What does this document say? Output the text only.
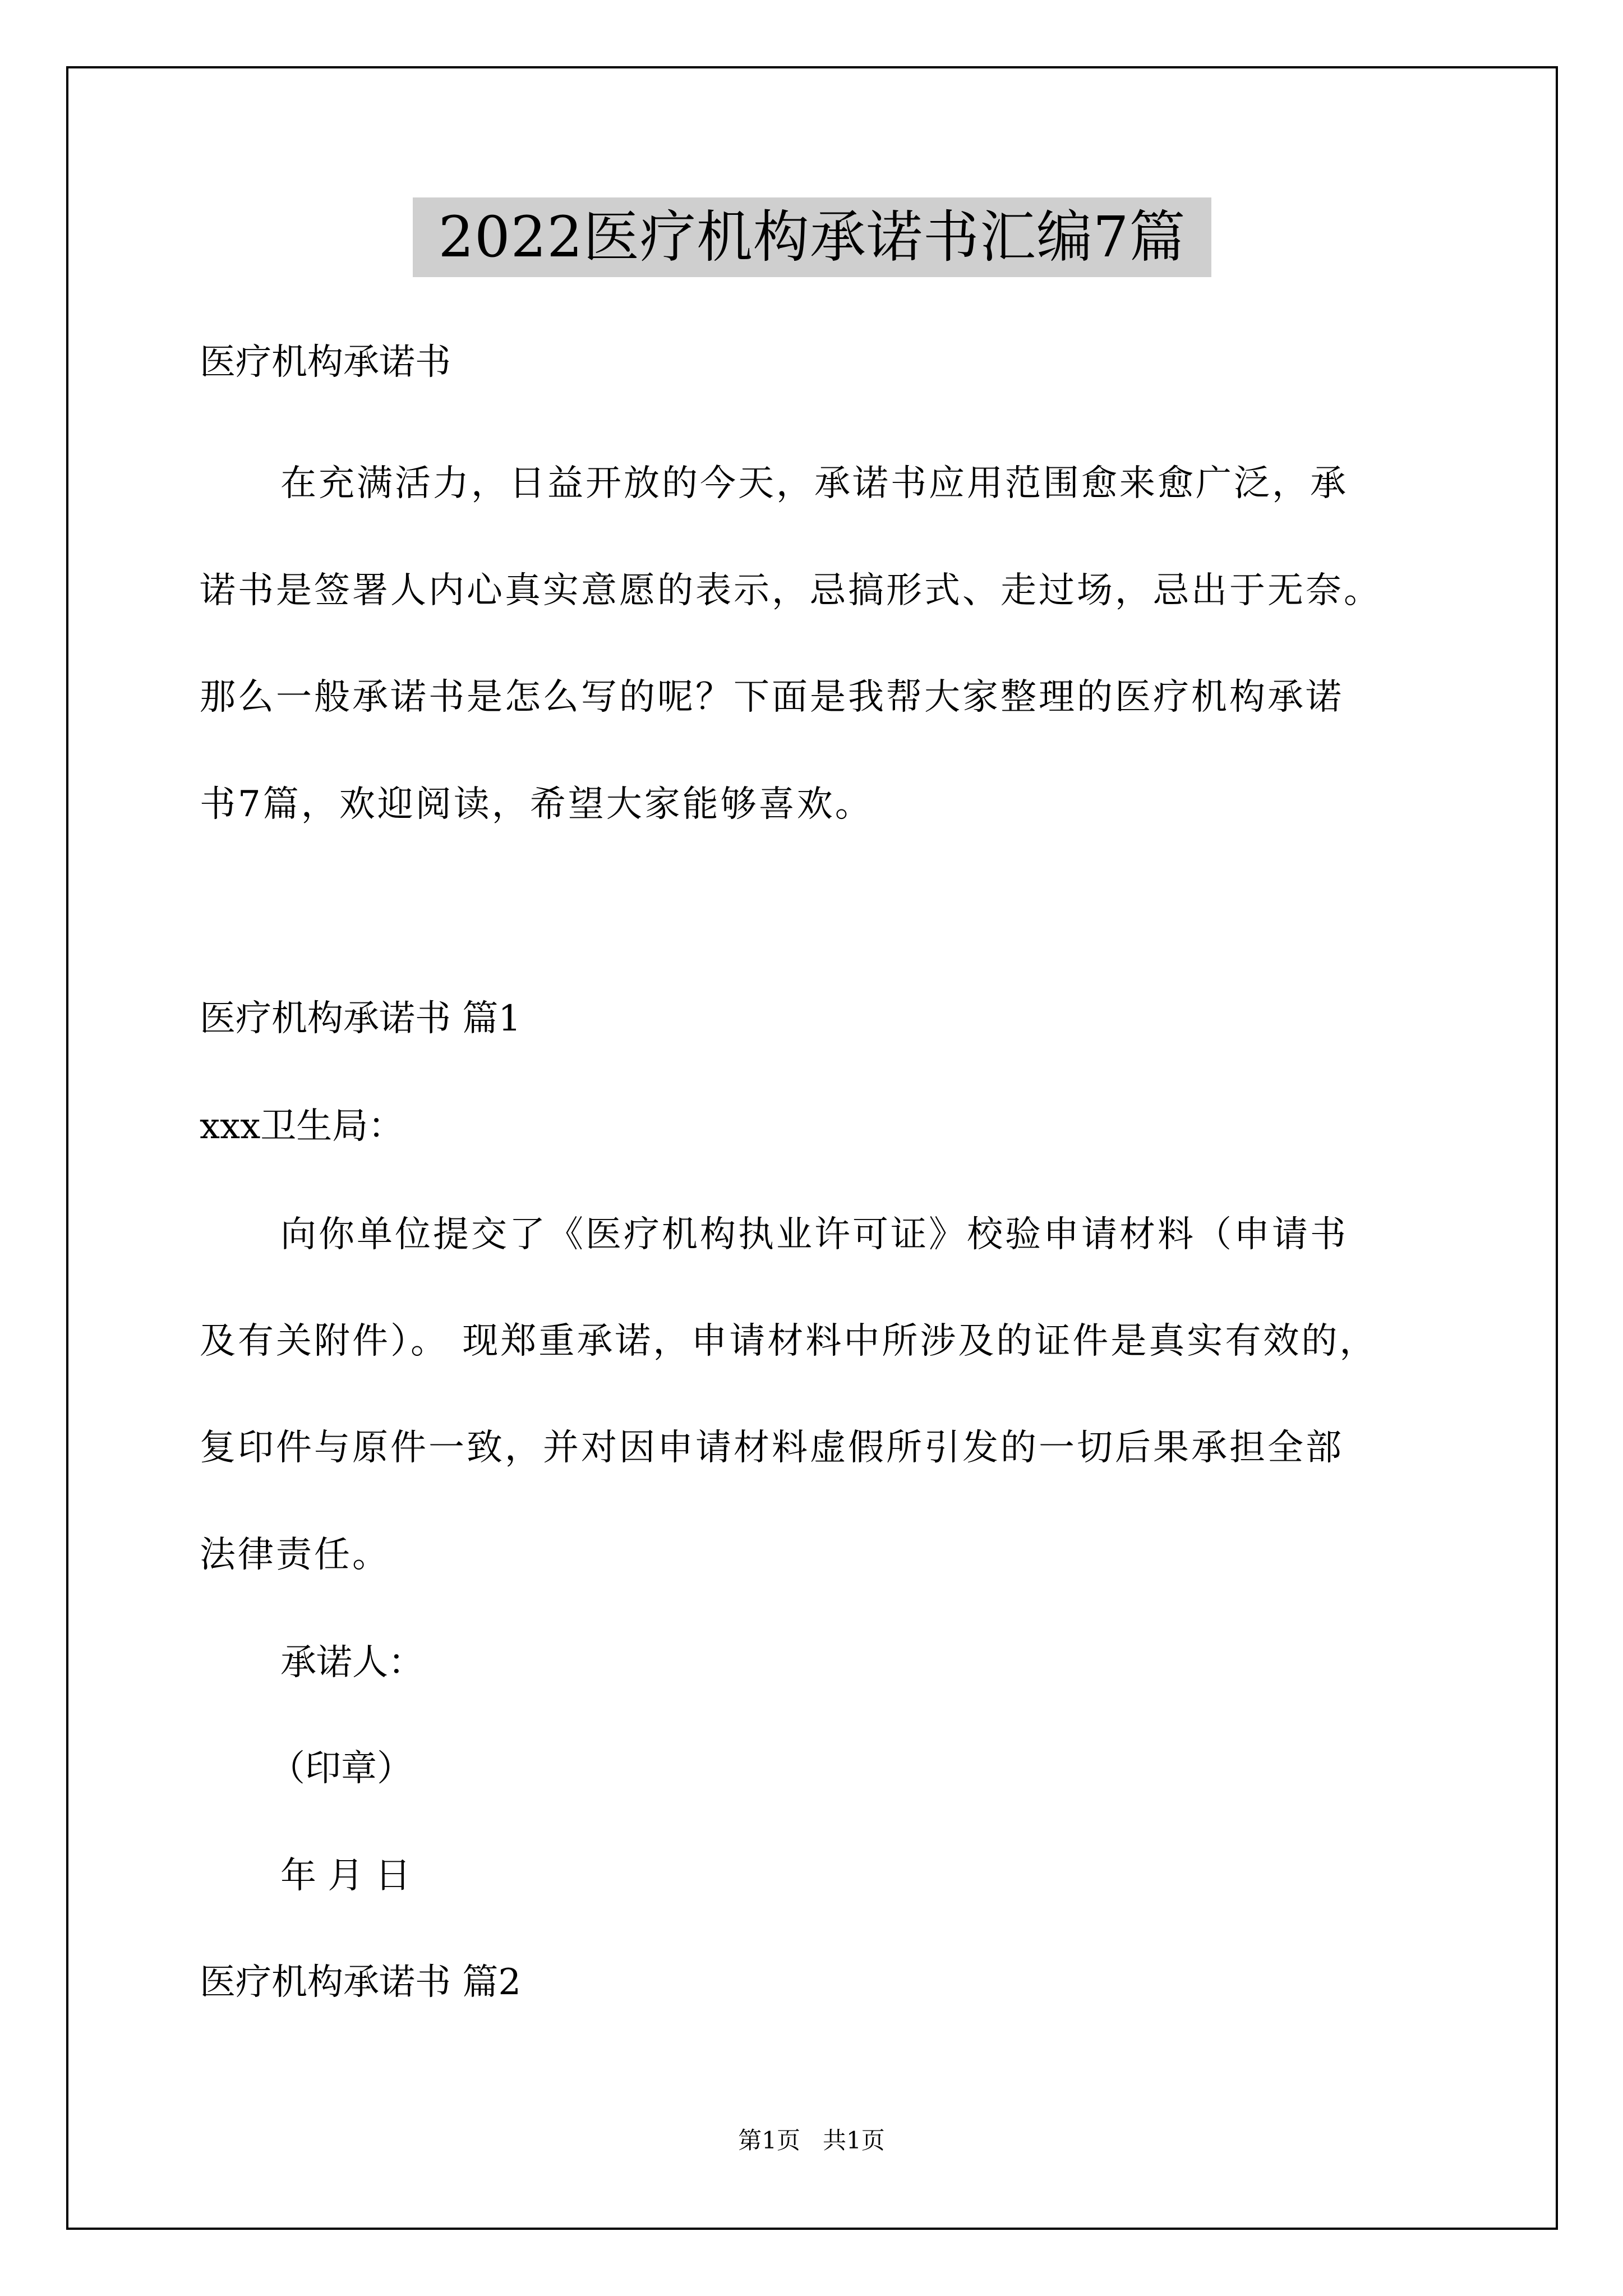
2022医疗机构承诺书汇编7篇
医疗机构承诺书
在充满活力，日益开放的今天，承诺书应用范围愈来愈广泛，承
诺书是签署人内心真实意愿的表示，忌搞形式、走过场，忌出于无奈。
那么一般承诺书是怎么写的呢？下面是我帮大家整理的医疗机构承诺
书7篇，欢迎阅读，希望大家能够喜欢。
医疗机构承诺书 篇1
xxx卫生局：
向你单位提交了《医疗机构执业许可证》校验申请材料（申请书
及有关附件）。 现郑重承诺，申请材料中所涉及的证件是真实有效的，
复印件与原件一致，并对因申请材料虚假所引发的一切后果承担全部
法律责任。
承诺人：
（印章）
年 月 日
医疗机构承诺书 篇2
第1页   共1页
